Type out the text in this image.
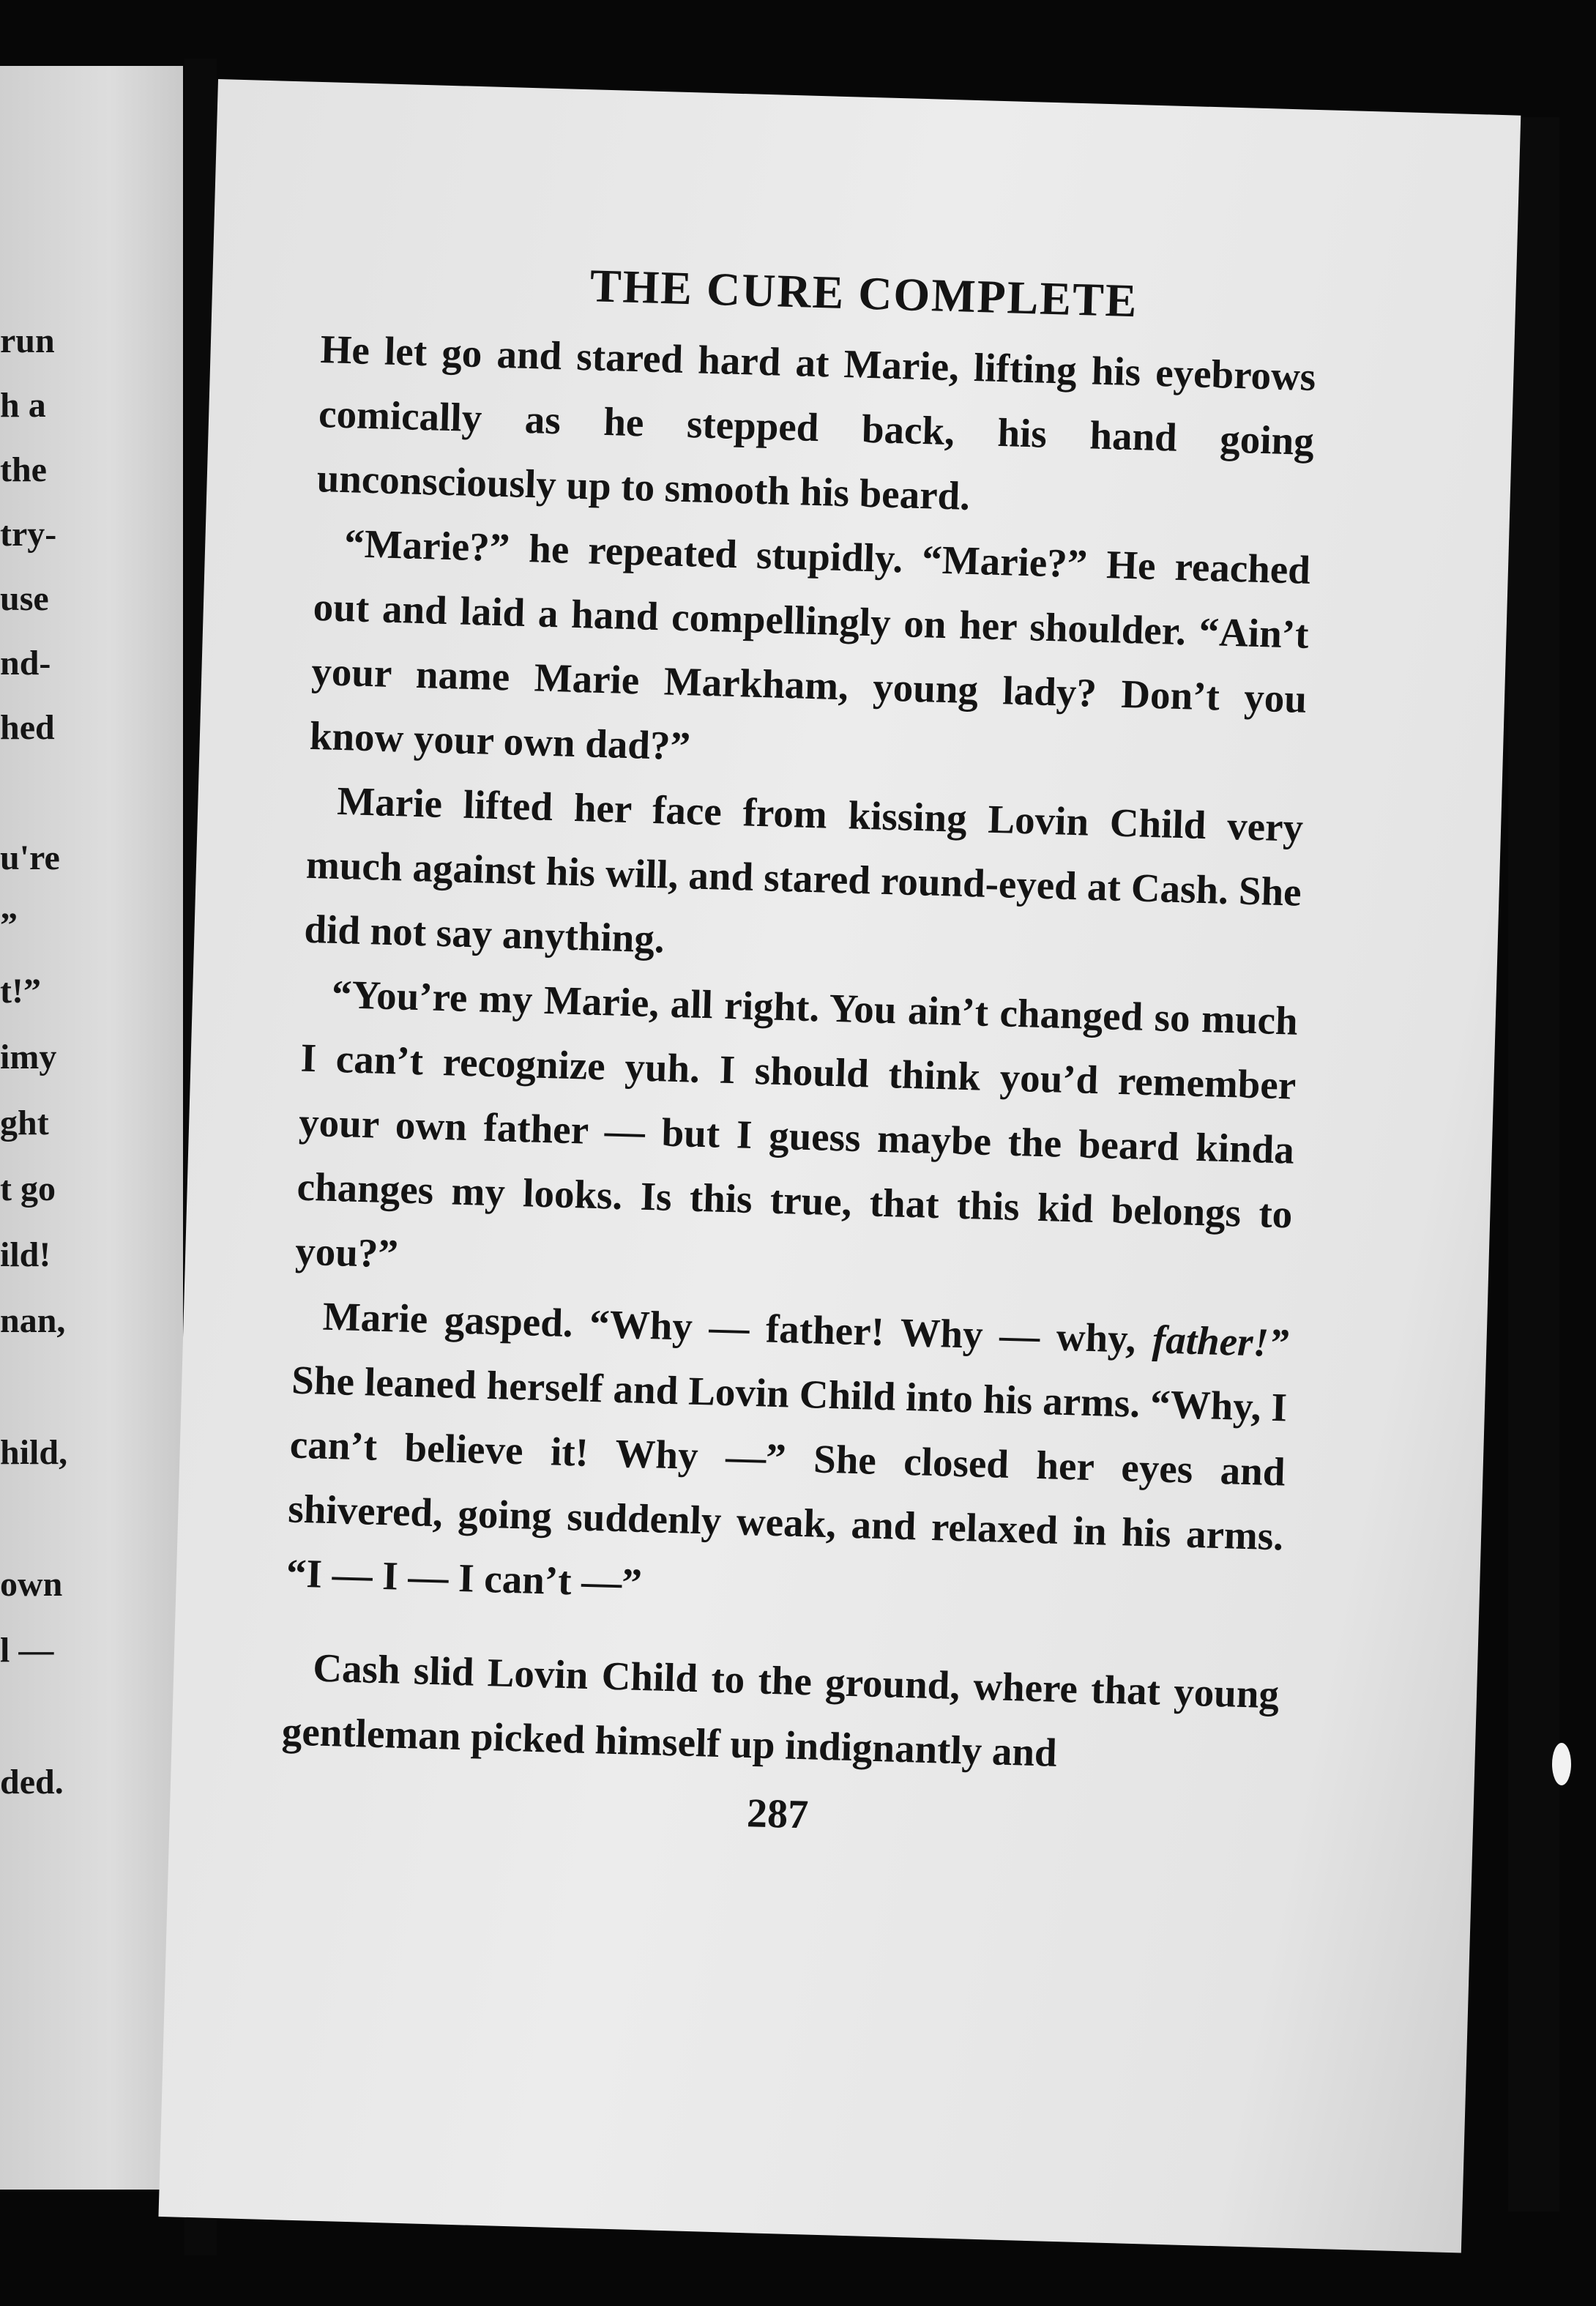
run

h a

the

try-

use

nd-

hed

u're

”

t!”

imy

ght

t go

ild!

nan,

hild,

own

l —

ded.

THE CURE COMPLETE

He let go and stared hard at Marie, lifting his eyebrows comically as he stepped back, his hand going unconsciously up to smooth his beard.

“Marie?” he repeated stupidly. “Marie?” He reached out and laid a hand compellingly on her shoulder. “Ain’t your name Marie Markham, young lady? Don’t you know your own dad?”

Marie lifted her face from kissing Lovin Child very much against his will, and stared round-eyed at Cash. She did not say anything.

“You’re my Marie, all right. You ain’t changed so much I can’t recognize yuh. I should think you’d remember your own father — but I guess maybe the beard kinda changes my looks. Is this true, that this kid belongs to you?”

Marie gasped. “Why — father! Why — why, father!” She leaned herself and Lovin Child into his arms. “Why, I can’t believe it! Why —” She closed her eyes and shivered, going suddenly weak, and relaxed in his arms. “I — I — I can’t —”

Cash slid Lovin Child to the ground, where that young gentleman picked himself up indignantly and

287
